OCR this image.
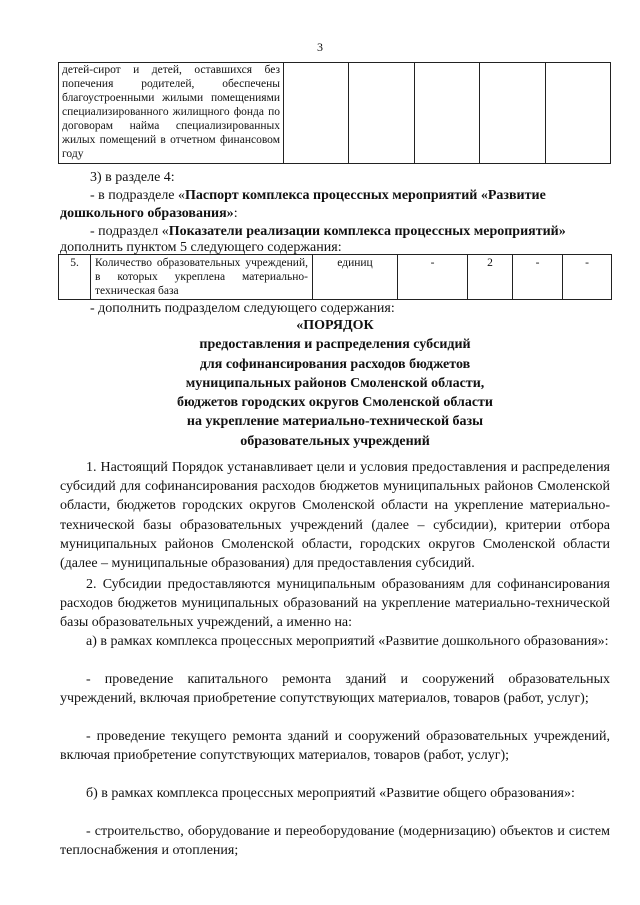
3
детей-сирот и детей, оставшихся без попечения родителей, обеспечены благоустроенными жилыми помещениями специализированного жилищного фонда по договорам найма специализированных жилых помещений в отчетном финансовом году					
3) в разделе 4:
- в подразделе «Паспорт комплекса процессных мероприятий «Развитие
дошкольного образования»:
- подраздел «Показатели реализации комплекса процессных мероприятий»
дополнить пунктом 5 следующего содержания:
5.	Количество образовательных учреждений, в которых укреплена материально-техническая база	единиц	-	2	-	-
- дополнить подразделом следующего содержания:
«ПОРЯДОК
предоставления и распределения субсидий
для софинансирования расходов бюджетов
муниципальных районов Смоленской области,
бюджетов городских округов Смоленской области
на укрепление материально-технической базы
образовательных учреждений
1. Настоящий Порядок устанавливает цели и условия предоставления и распределения субсидий для софинансирования расходов бюджетов муниципальных районов Смоленской области, бюджетов городских округов Смоленской области на укрепление материально-технической базы образовательных учреждений (далее – субсидии), критерии отбора муниципальных районов Смоленской области, городских округов Смоленской области (далее – муниципальные образования) для предоставления субсидий.
2. Субсидии предоставляются муниципальным образованиям для софинансирования расходов бюджетов муниципальных образований на укрепление материально-технической базы образовательных учреждений, а именно на:
а) в рамках комплекса процессных мероприятий «Развитие дошкольного образования»:
- проведение капитального ремонта зданий и сооружений образовательных учреждений, включая приобретение сопутствующих материалов, товаров (работ, услуг);
- проведение текущего ремонта зданий и сооружений образовательных учреждений, включая приобретение сопутствующих материалов, товаров (работ, услуг);
б) в рамках комплекса процессных мероприятий «Развитие общего образования»:
- строительство, оборудование и переоборудование (модернизацию) объектов и систем теплоснабжения и отопления;
